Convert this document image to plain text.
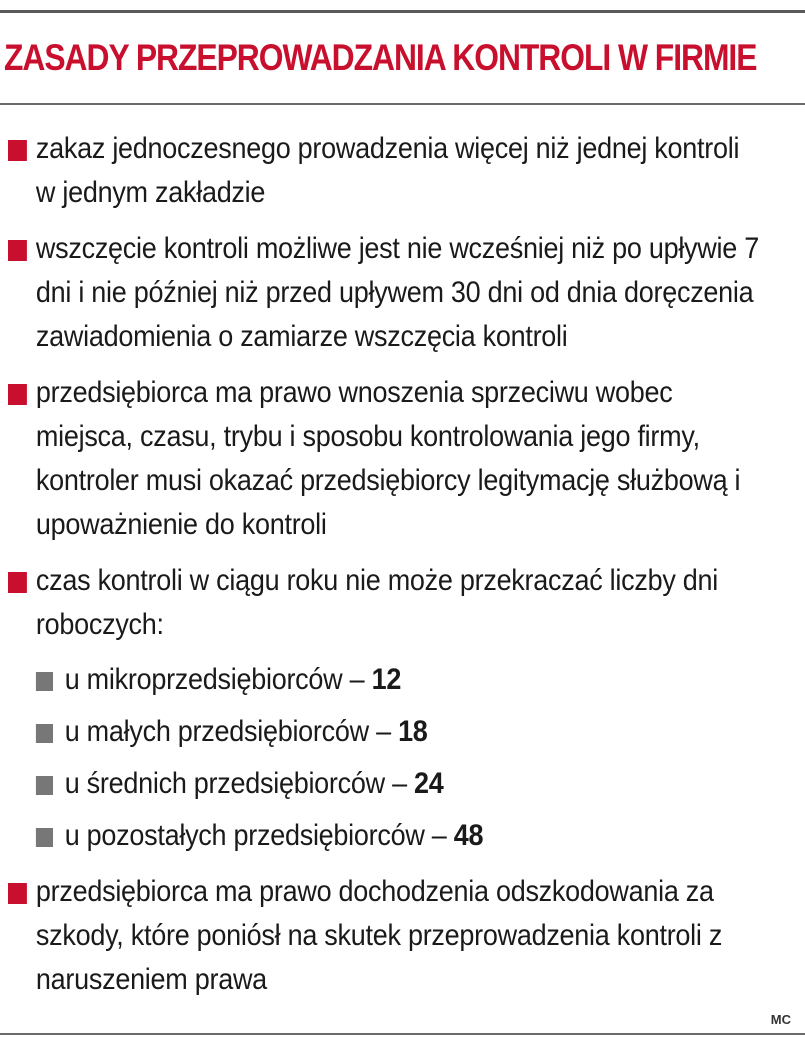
ZASADY PRZEPROWADZANIA KONTROLI W FIRMIE
zakaz jednoczesnego prowadzenia więcej niż jednej kontroli w jednym zakładzie
wszczęcie kontroli możliwe jest nie wcześniej niż po upływie 7 dni i nie później niż przed upływem 30 dni od dnia doręczenia zawiadomienia o zamiarze wszczęcia kontroli
przedsiębiorca ma prawo wnoszenia sprzeciwu wobec miejsca, czasu, trybu i sposobu kontrolowania jego firmy, kontroler musi okazać przedsiębiorcy legitymację służbową i upoważnienie do kontroli
czas kontroli w ciągu roku nie może przekraczać liczby dni roboczych:
u mikroprzedsiębiorców – 12
u małych przedsiębiorców – 18
u średnich przedsiębiorców – 24
u pozostałych przedsiębiorców – 48
przedsiębiorca ma prawo dochodzenia odszkodowania za szkody, które poniósł na skutek przeprowadzenia kontroli z naruszeniem prawa
MC
